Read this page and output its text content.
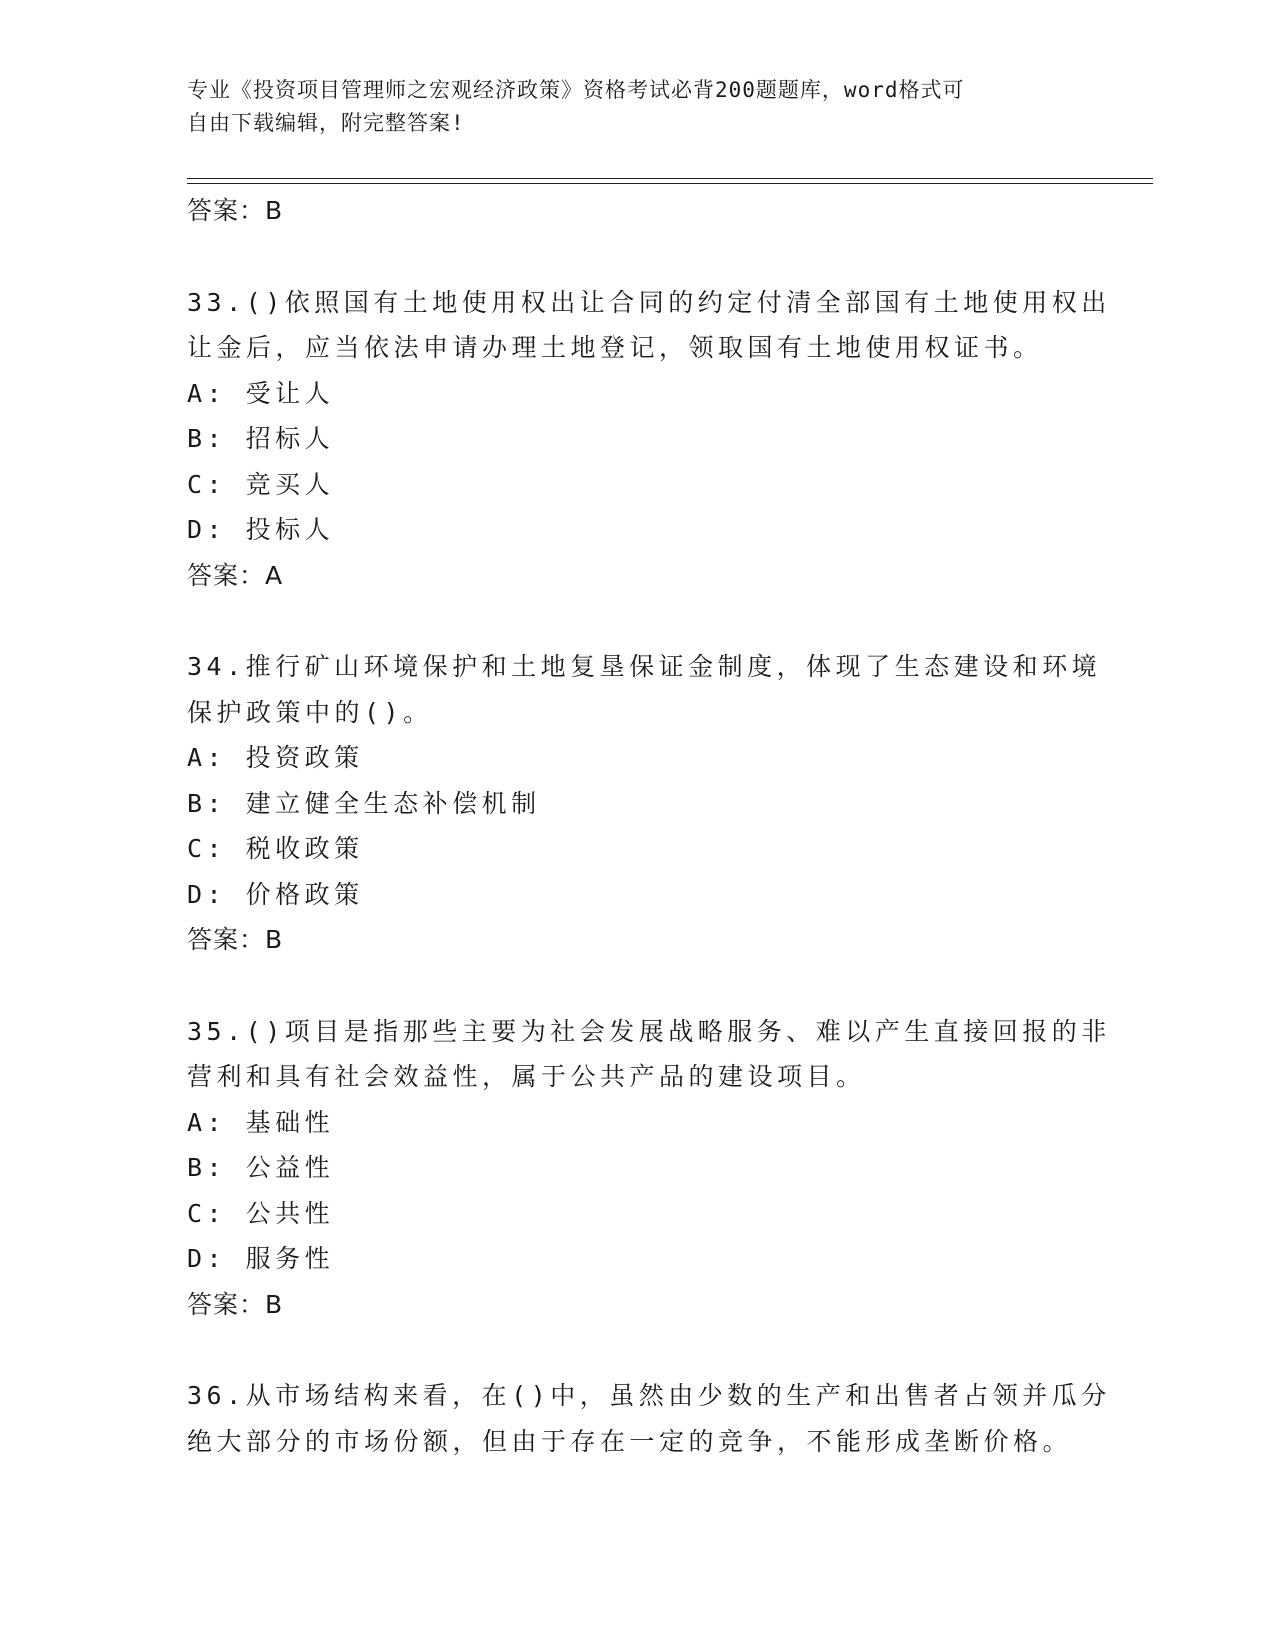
专业《投资项目管理师之宏观经济政策》资格考试必背200题题库，word格式可
自由下载编辑，附完整答案!
答案：B
33.()依照国有土地使用权出让合同的约定付清全部国有土地使用权出
让金后，应当依法申请办理土地登记，领取国有土地使用权证书。
A: 受让人
B: 招标人
C: 竞买人
D: 投标人
答案：A
34.推行矿山环境保护和土地复垦保证金制度，体现了生态建设和环境
保护政策中的()。
A: 投资政策
B: 建立健全生态补偿机制
C: 税收政策
D: 价格政策
答案：B
35.()项目是指那些主要为社会发展战略服务、难以产生直接回报的非
营利和具有社会效益性，属于公共产品的建设项目。
A: 基础性
B: 公益性
C: 公共性
D: 服务性
答案：B
36.从市场结构来看，在()中，虽然由少数的生产和出售者占领并瓜分
绝大部分的市场份额，但由于存在一定的竞争，不能形成垄断价格。
